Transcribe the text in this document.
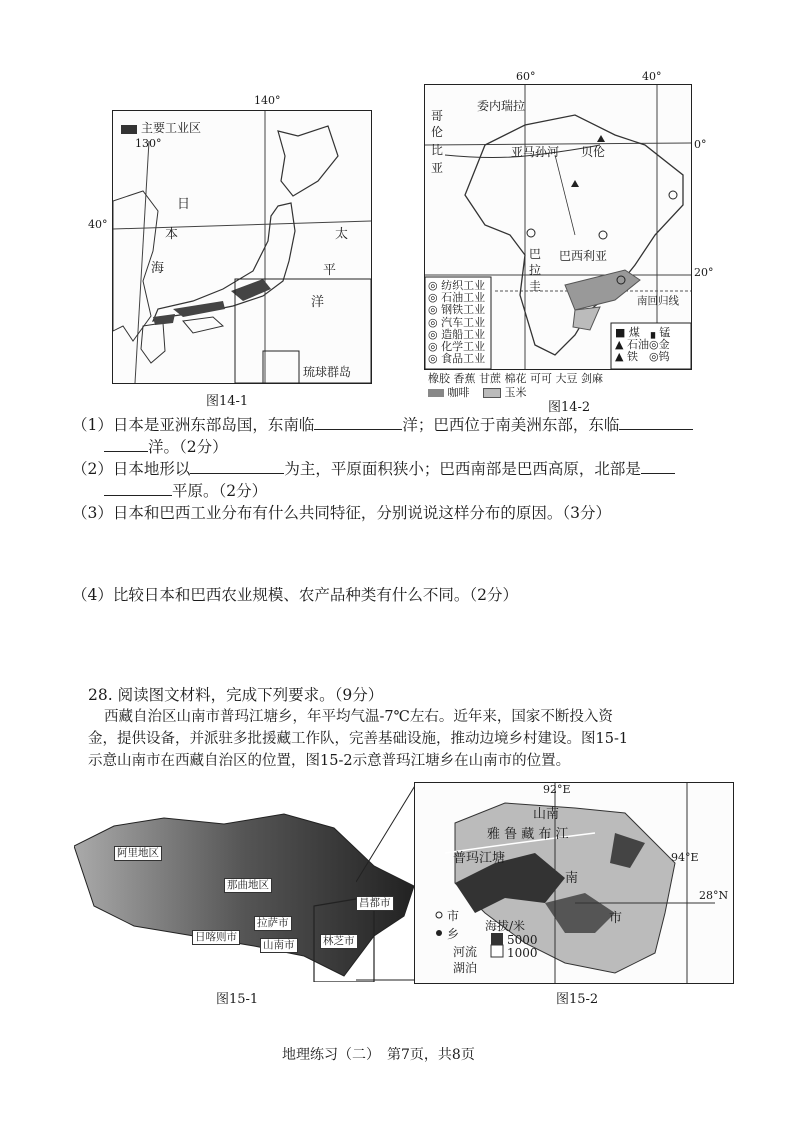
主要工业区
130°
日
本
海
太
平
洋
琉球群岛
140°
40°
图14-1
哥
伦
比
亚
委内瑞拉
亚马孙河 贝伦
巴西利亚
巴
拉
圭
南回归线
◎ 纺织工业
◎ 石油工业
◎ 钢铁工业
◎ 汽车工业
◎ 造船工业
◎ 化学工业
◎ 食品工业
■ 煤　▖锰
▲ 石油◎金
▲ 铁　◎钨
60°	40°
0°
20°
橡胶 香蕉 甘蔗 棉花 可可 大豆 剑麻
咖啡	玉米
图14-2
（1）日本是亚洲东部岛国，东南临	洋；巴西位于南美洲东部，东临
洋。（2分）
（2）日本地形以	为主，平原面积狭小；巴西南部是巴西高原，北部是
平原。（2分）
（3）日本和巴西工业分布有什么共同特征，分别说说这样分布的原因。（3分）
（4）比较日本和巴西农业规模、农产品种类有什么不同。（2分）
28. 阅读图文材料，完成下列要求。（9分）
西藏自治区山南市普玛江塘乡，年平均气温-7℃左右。近年来，国家不断投入资
金，提供设备，并派驻多批援藏工作队，完善基础设施，推动边境乡村建设。图15-1
示意山南市在西藏自治区的位置，图15-2示意普玛江塘乡在山南市的位置。
阿里地区
那曲地区
昌都市
拉萨市
日喀则市
山南市	林芝市
图15-1
92°E
94°E
28°N
山南
雅 鲁 藏 布 江
普玛江塘
南
市
市
乡
海拔/米
5000
1000
河流
湖泊
图15-2
地理练习（二）　第7页，共8页
